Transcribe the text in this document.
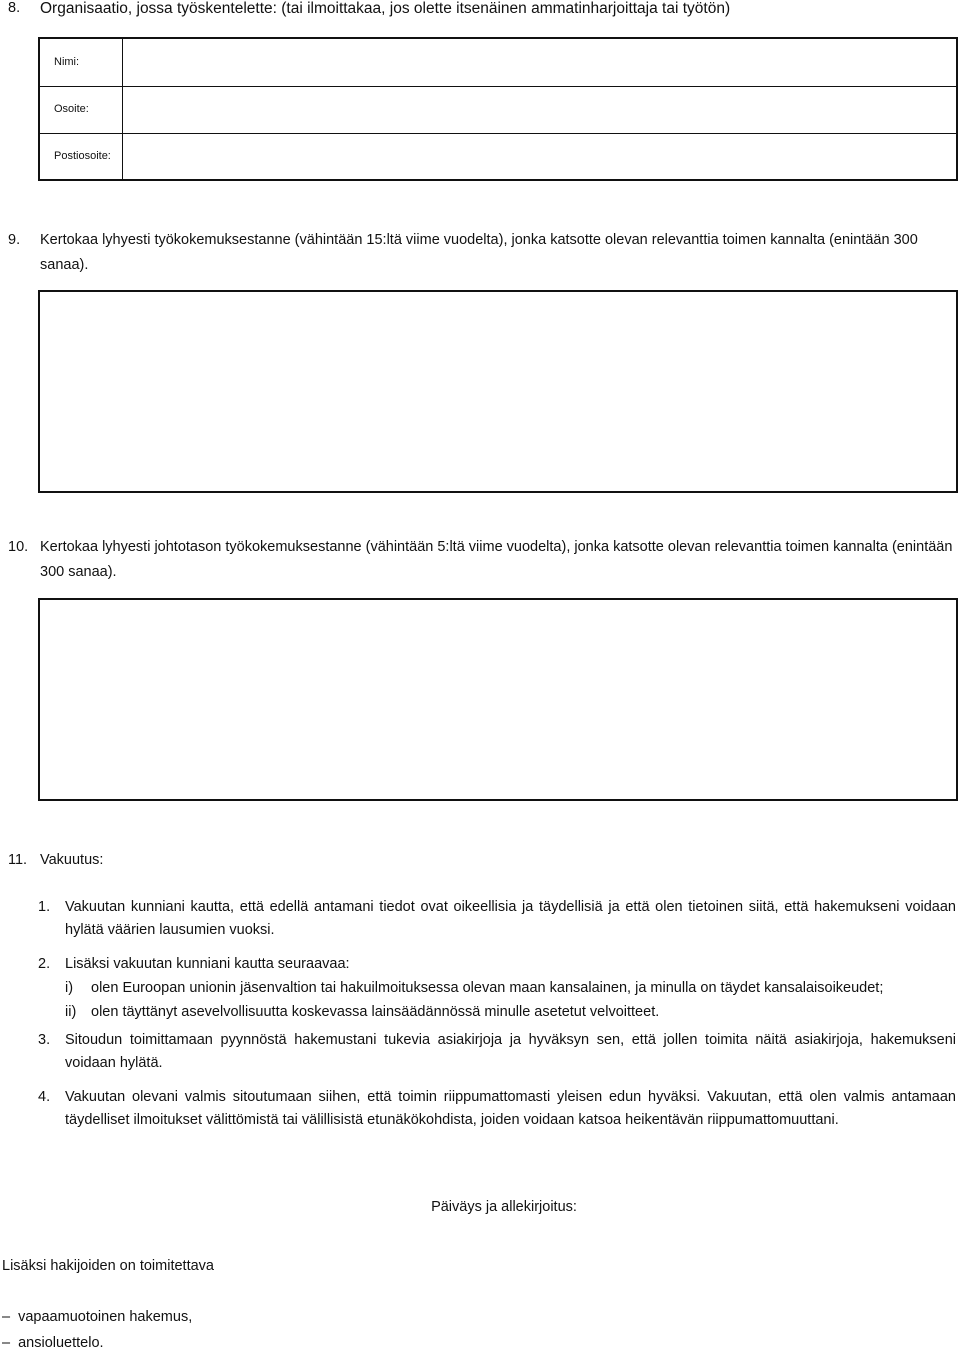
8. Organisaatio, jossa työskentelette: (tai ilmoittakaa, jos olette itsenäinen ammatinharjoittaja tai työtön)
Nimi:
Osoite:
Postiosoite:
9. Kertokaa lyhyesti työkokemuksestanne (vähintään 15:ltä viime vuodelta), jonka katsotte olevan relevanttia toimen kannalta (enintään 300 sanaa).
10. Kertokaa lyhyesti johtotason työkokemuksestanne (vähintään 5:ltä viime vuodelta), jonka katsotte olevan relevanttia toimen kannalta (enintään 300 sanaa).
11. Vakuutus:
1. Vakuutan kunniani kautta, että edellä antamani tiedot ovat oikeellisia ja täydellisiä ja että olen tietoinen siitä, että hakemukseni voidaan hylätä väärien lausumien vuoksi.
2. Lisäksi vakuutan kunniani kautta seuraavaa:
i) olen Euroopan unionin jäsenvaltion tai hakuilmoituksessa olevan maan kansalainen, ja minulla on täydet kansalaisoikeudet;
ii) olen täyttänyt asevelvollisuutta koskevassa lainsäädännössä minulle asetetut velvoitteet.
3. Sitoudun toimittamaan pyynnöstä hakemustani tukevia asiakirjoja ja hyväksyn sen, että jollen toimita näitä asiakirjoja, hakemukseni voidaan hylätä.
4. Vakuutan olevani valmis sitoutumaan siihen, että toimin riippumattomasti yleisen edun hyväksi. Vakuutan, että olen valmis antamaan täydelliset ilmoitukset välittömistä tai välillisistä etunäkökohdista, joiden voidaan katsoa heikentävän riippumattomuuttani.
Päiväys ja allekirjoitus:
Lisäksi hakijoiden on toimitettava
– vapaamuotoinen hakemus,
– ansioluettelo.
